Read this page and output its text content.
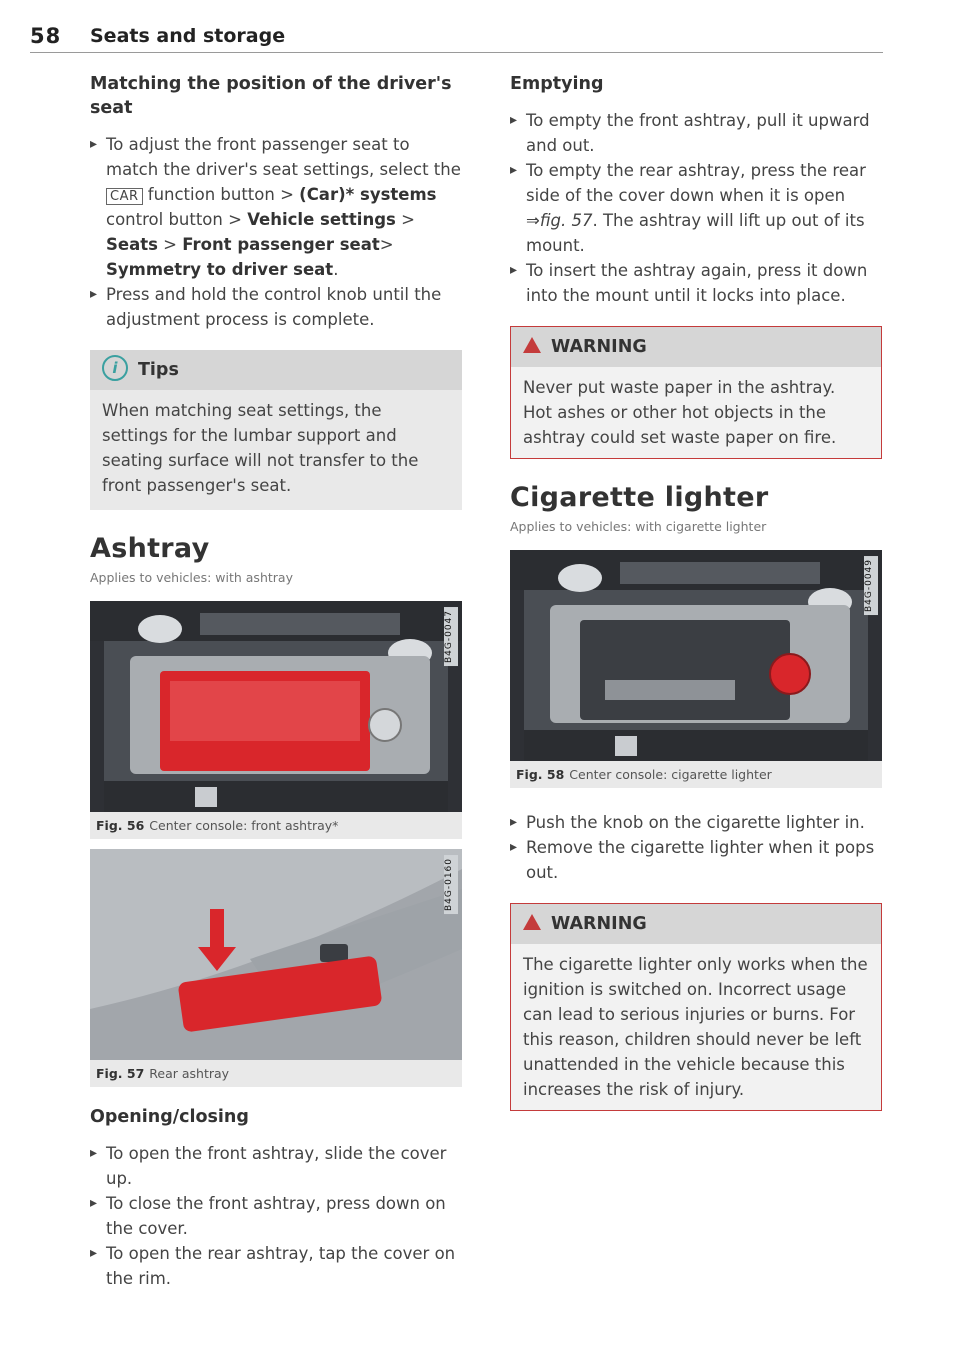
58 Seats and storage
Matching the position of the driver's seat
▸ To adjust the front passenger seat to match the driver's seat settings, select the CAR function button > (Car)* systems control button > Vehicle settings > Seats > Front passenger seat> Symmetry to driver seat.
▸ Press and hold the control knob until the adjustment process is complete.
i Tips
When matching seat settings, the settings for the lumbar support and seating surface will not transfer to the front passenger's seat.
Ashtray
Applies to vehicles: with ashtray
B4G-0047
Fig. 56 Center console: front ashtray*
B4G-0160
Fig. 57 Rear ashtray
Opening/closing
▸ To open the front ashtray, slide the cover up.
▸ To close the front ashtray, press down on the cover.
▸ To open the rear ashtray, tap the cover on the rim.
Emptying
▸ To empty the front ashtray, pull it upward and out.
▸ To empty the rear ashtray, press the rear side of the cover down when it is open ⇒fig. 57. The ashtray will lift up out of its mount.
▸ To insert the ashtray again, press it down into the mount until it locks into place.
WARNING
Never put waste paper in the ashtray. Hot ashes or other hot objects in the ashtray could set waste paper on fire.
Cigarette lighter
Applies to vehicles: with cigarette lighter
B4G-0049
Fig. 58 Center console: cigarette lighter
▸ Push the knob on the cigarette lighter in.
▸ Remove the cigarette lighter when it pops out.
WARNING
The cigarette lighter only works when the ignition is switched on. Incorrect usage can lead to serious injuries or burns. For this reason, children should never be left unattended in the vehicle because this increases the risk of injury.
